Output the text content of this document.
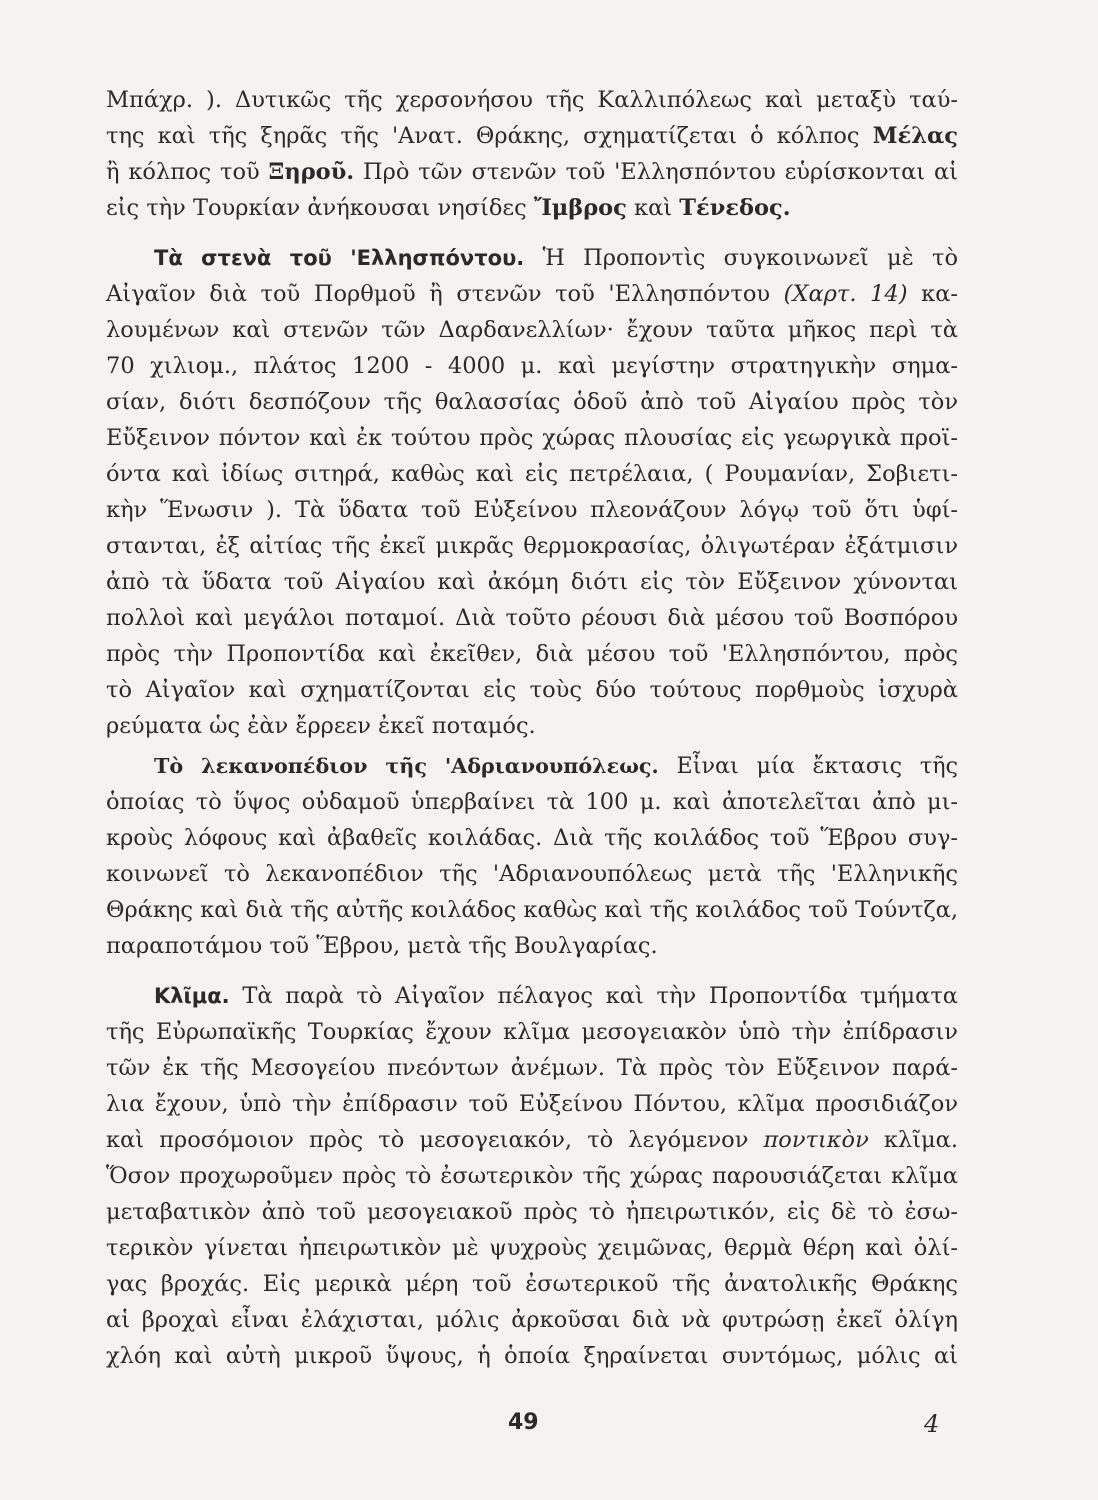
Μπάχρ. ). Δυτικῶς τῆς χερσονήσου τῆς Καλλιπόλεως καὶ μεταξὺ ταύ-
της καὶ τῆς ξηρᾶς τῆς 'Ανατ. Θράκης, σχηματίζεται ὁ κόλπος Μέλας
ἢ κόλπος τοῦ Ξηροῦ. Πρὸ τῶν στενῶν τοῦ 'Ελλησπόντου εὑρίσκονται αἱ
εἰς τὴν Τουρκίαν ἀνήκουσαι νησίδες Ἴμβρος καὶ Τένεδος.
Τὰ στενὰ τοῦ 'Ελλησπόντου. Ἡ Προποντὶς συγκοινωνεῖ μὲ τὸ
Αἰγαῖον διὰ τοῦ Πορθμοῦ ἢ στενῶν τοῦ 'Ελλησπόντου (Χαρτ. 14) κα-
λουμένων καὶ στενῶν τῶν Δαρδανελλίων· ἔχουν ταῦτα μῆκος περὶ τὰ
70 χιλιομ., πλάτος 1200 - 4000 μ. καὶ μεγίστην στρατηγικὴν σημα-
σίαν, διότι δεσπόζουν τῆς θαλασσίας ὁδοῦ ἀπὸ τοῦ Αἰγαίου πρὸς τὸν
Εὔξεινον πόντον καὶ ἐκ τούτου πρὸς χώρας πλουσίας εἰς γεωργικὰ προϊ-
όντα καὶ ἰδίως σιτηρά, καθὼς καὶ εἰς πετρέλαια, ( Ρουμανίαν, Σοβιετι-
κὴν Ἕνωσιν ). Τὰ ὕδατα τοῦ Εὐξείνου πλεονάζουν λόγῳ τοῦ ὅτι ὑφί-
στανται, ἐξ αἰτίας τῆς ἐκεῖ μικρᾶς θερμοκρασίας, ὀλιγωτέραν ἐξάτμισιν
ἀπὸ τὰ ὕδατα τοῦ Αἰγαίου καὶ ἀκόμη διότι εἰς τὸν Εὔξεινον χύνονται
πολλοὶ καὶ μεγάλοι ποταμοί. Διὰ τοῦτο ρέουσι διὰ μέσου τοῦ Βοσπόρου
πρὸς τὴν Προποντίδα καὶ ἐκεῖθεν, διὰ μέσου τοῦ 'Ελλησπόντου, πρὸς
τὸ Αἰγαῖον καὶ σχηματίζονται εἰς τοὺς δύο τούτους πορθμοὺς ἰσχυρὰ
ρεύματα ὡς ἐὰν ἔρρεεν ἐκεῖ ποταμός.
Τὸ λεκανοπέδιον τῆς 'Αδριανουπόλεως. Εἶναι μία ἔκτασις τῆς
ὁποίας τὸ ὕψος οὐδαμοῦ ὑπερβαίνει τὰ 100 μ. καὶ ἀποτελεῖται ἀπὸ μι-
κροὺς λόφους καὶ ἀβαθεῖς κοιλάδας. Διὰ τῆς κοιλάδος τοῦ Ἕβρου συγ-
κοινωνεῖ τὸ λεκανοπέδιον τῆς 'Αδριανουπόλεως μετὰ τῆς 'Ελληνικῆς
Θράκης καὶ διὰ τῆς αὐτῆς κοιλάδος καθὼς καὶ τῆς κοιλάδος τοῦ Τούντζα,
παραποτάμου τοῦ Ἕβρου, μετὰ τῆς Βουλγαρίας.
Κλῖμα. Τὰ παρὰ τὸ Αἰγαῖον πέλαγος καὶ τὴν Προποντίδα τμήματα
τῆς Εὐρωπαϊκῆς Τουρκίας ἔχουν κλῖμα μεσογειακὸν ὑπὸ τὴν ἐπίδρασιν
τῶν ἐκ τῆς Μεσογείου πνεόντων ἀνέμων. Τὰ πρὸς τὸν Εὔξεινον παρά-
λια ἔχουν, ὑπὸ τὴν ἐπίδρασιν τοῦ Εὐξείνου Πόντου, κλῖμα προσιδιάζον
καὶ προσόμοιον πρὸς τὸ μεσογειακόν, τὸ λεγόμενον ποντικὸν κλῖμα.
Ὅσον προχωροῦμεν πρὸς τὸ ἐσωτερικὸν τῆς χώρας παρουσιάζεται κλῖμα
μεταβατικὸν ἀπὸ τοῦ μεσογειακοῦ πρὸς τὸ ἠπειρωτικόν, εἰς δὲ τὸ ἐσω-
τερικὸν γίνεται ἠπειρωτικὸν μὲ ψυχροὺς χειμῶνας, θερμὰ θέρη καὶ ὀλί-
γας βροχάς. Εἰς μερικὰ μέρη τοῦ ἐσωτερικοῦ τῆς ἀνατολικῆς Θράκης
αἱ βροχαὶ εἶναι ἐλάχισται, μόλις ἀρκοῦσαι διὰ νὰ φυτρώσῃ ἐκεῖ ὀλίγη
χλόη καὶ αὐτὴ μικροῦ ὕψους, ἡ ὁποία ξηραίνεται συντόμως, μόλις αἱ
49	4
